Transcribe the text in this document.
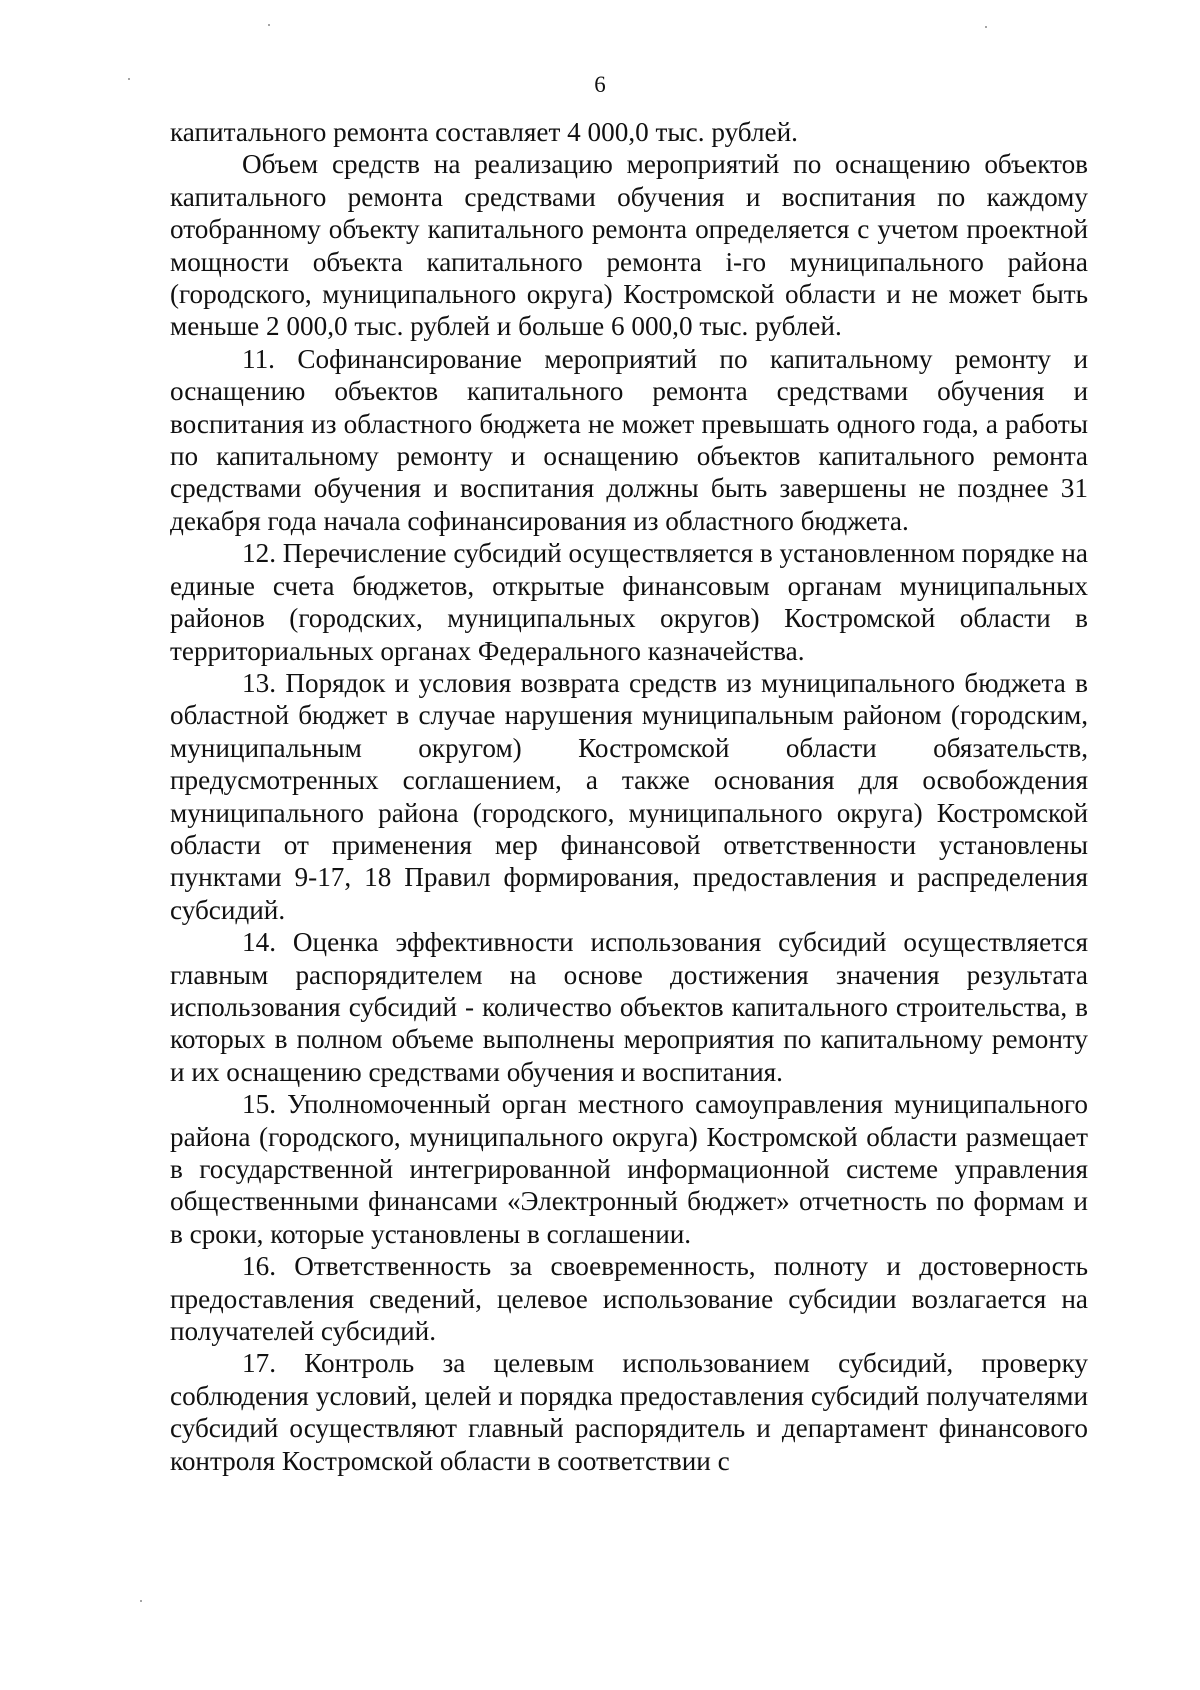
6

капитального ремонта составляет 4 000,0 тыс. рублей.

Объем средств на реализацию мероприятий по оснащению объектов капитального ремонта средствами обучения и воспитания по каждому отобранному объекту капитального ремонта определяется с учетом проектной мощности объекта капитального ремонта i-го муниципального района (городского, муниципального округа) Костромской области и не может быть меньше 2 000,0 тыс. рублей и больше 6 000,0 тыс. рублей.

11. Софинансирование мероприятий по капитальному ремонту и оснащению объектов капитального ремонта средствами обучения и воспитания из областного бюджета не может превышать одного года, а работы по капитальному ремонту и оснащению объектов капитального ремонта средствами обучения и воспитания должны быть завершены не позднее 31 декабря года начала софинансирования из областного бюджета.

12. Перечисление субсидий осуществляется в установленном порядке на единые счета бюджетов, открытые финансовым органам муниципальных районов (городских, муниципальных округов) Костромской области в территориальных органах Федерального казначейства.

13. Порядок и условия возврата средств из муниципального бюджета в областной бюджет в случае нарушения муниципальным районом (городским, муниципальным округом) Костромской области обязательств, предусмотренных соглашением, а также основания для освобождения муниципального района (городского, муниципального округа) Костромской области от применения мер финансовой ответственности установлены пунктами 9-17, 18 Правил формирования, предоставления и распределения субсидий.

14. Оценка эффективности использования субсидий осуществляется главным распорядителем на основе достижения значения результата использования субсидий - количество объектов капитального строительства, в которых в полном объеме выполнены мероприятия по капитальному ремонту и их оснащению средствами обучения и воспитания.

15. Уполномоченный орган местного самоуправления муниципального района (городского, муниципального округа) Костромской области размещает в государственной интегрированной информационной системе управления общественными финансами «Электронный бюджет» отчетность по формам и в сроки, которые установлены в соглашении.

16. Ответственность за своевременность, полноту и достоверность предоставления сведений, целевое использование субсидии возлагается на получателей субсидий.

17. Контроль за целевым использованием субсидий, проверку соблюдения условий, целей и порядка предоставления субсидий получателями субсидий осуществляют главный распорядитель и департамент финансового контроля Костромской области в соответствии с
